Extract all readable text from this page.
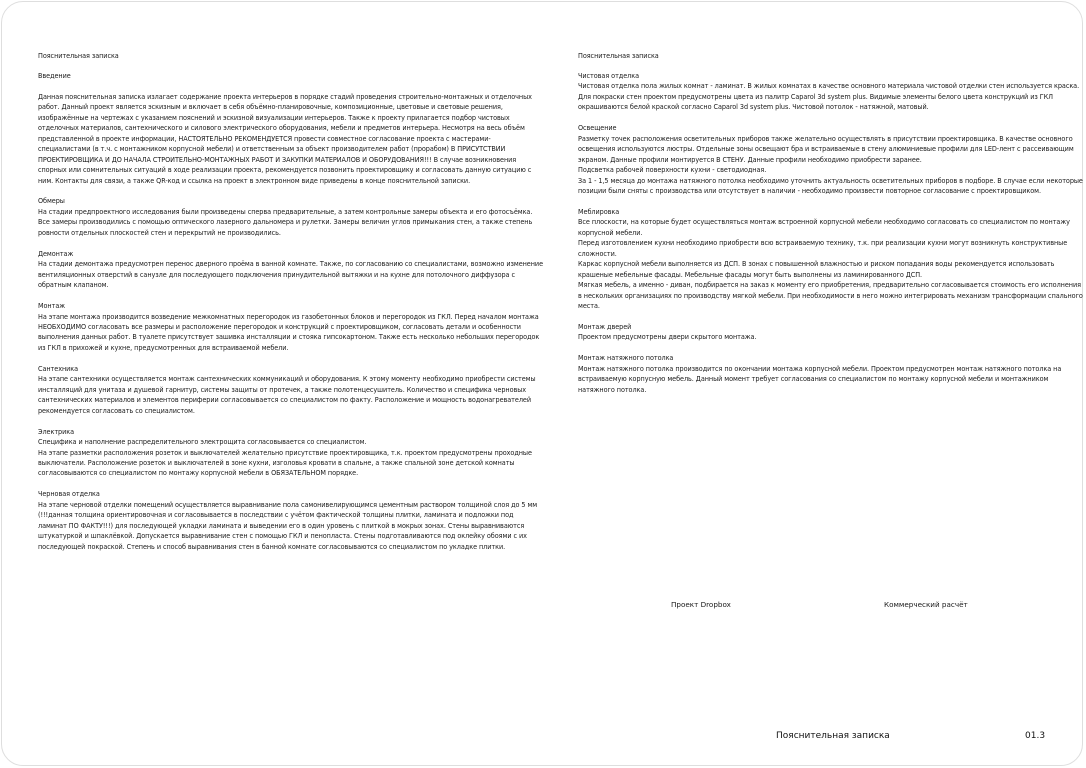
Пояснительная записка
Введение

Данная пояснительная записка излагает содержание проекта интерьеров в порядке стадий проведения строительно-монтажных и отделочных работ. Данный проект является эскизным и включает в себя объёмно-планировочные, композиционные, цветовые и световые решения, изображённые на чертежах с указанием пояснений и эскизной визуализации интерьеров. Также к проекту прилагается подбор чистовых отделочных материалов, сантехнического и силового электрического оборудования, мебели и предметов интерьера. Несмотря на весь объём представленной в проекте информации, НАСТОЯТЕЛЬНО РЕКОМЕНДУЕТСЯ провести совместное согласование проекта с мастерами-специалистами (в т.ч. с монтажником корпусной мебели) и ответственным за объект производителем работ (прорабом) В ПРИСУТСТВИИ ПРОЕКТИРОВЩИКА И ДО НАЧАЛА СТРОИТЕЛЬНО-МОНТАЖНЫХ РАБОТ И ЗАКУПКИ МАТЕРИАЛОВ И ОБОРУДОВАНИЯ!!! В случае возникновения спорных или сомнительных ситуаций в ходе реализации проекта, рекомендуется позвонить проектировщику и согласовать данную ситуацию с ним. Контакты для связи, а также QR-код и ссылка на проект в электронном виде приведены в конце пояснительной записки.

Обмеры

На стадии предпроектного исследования были произведены сперва предварительные, а затем контрольные замеры объекта и его фотосъёмка. Все замеры производились с помощью оптического лазерного дальномера и рулетки. Замеры величин углов примыкания стен, а также степень ровности отдельных плоскостей стен и перекрытий не производились.

Демонтаж

На стадии демонтажа предусмотрен перенос дверного проёма в ванной комнате. Также, по согласованию со специалистами, возможно изменение вентиляционных отверстий в санузле для последующего подключения принудительной вытяжки и на кухне для потолочного диффузора с обратным клапаном.

Монтаж

На этапе монтажа производится возведение межкомнатных перегородок из газобетонных блоков и перегородок из ГКЛ. Перед началом монтажа НЕОБХОДИМО согласовать все размеры и расположение перегородок и конструкций с проектировщиком, согласовать детали и особенности выполнения данных работ. В туалете присутствует зашивка инсталляции и стояка гипсокартоном. Также есть несколько небольших перегородок из ГКЛ в прихожей и кухне, предусмотренных для встраиваемой мебели.

Сантехника

На этапе сантехники осуществляется монтаж сантехнических коммуникаций и оборудования. К этому моменту необходимо приобрести системы инсталляций для унитаза и душевой гарнитур, системы защиты от протечек, а также полотенцесушитель. Количество и специфика черновых сантехнических материалов и элементов периферии согласовывается со специалистом по факту. Расположение и мощность водонагревателей рекомендуется согласовать со специалистом.

Электрика

Специфика и наполнение распределительного электрощита согласовывается со специалистом.

На этапе разметки расположения розеток и выключателей желательно присутствие проектировщика, т.к. проектом предусмотрены проходные выключатели. Расположение розеток и выключателей в зоне кухни, изголовья кровати в спальне, а также спальной зоне детской комнаты согласовываются со специалистом по монтажу корпусной мебели в ОБЯЗАТЕЛЬНОМ порядке.

Черновая отделка

На этапе черновой отделки помещений осуществляется выравнивание пола самонивелирующимся цементным раствором толщиной слоя до 5 мм (!!!данная толщина ориентировочная и согласовывается в последствии с учётом фактической толщины плитки, ламината и подложки под ламинат ПО ФАКТУ!!!) для последующей укладки ламината и выведении его в один уровень с плиткой в мокрых зонах. Стены выравниваются штукатуркой и шпаклёвкой. Допускается выравнивание стен с помощью ГКЛ и пенопласта. Стены подготавливаются под оклейку обоями с их последующей покраской. Степень и способ выравнивания стен в банной комнате согласовываются со специалистом по укладке плитки.

Пояснительная записка
Чистовая отделка

Чистовая отделка пола жилых комнат - ламинат. В жилых комнатах в качестве основного материала чистовой отделки стен используется краска. Для покраски стен проектом предусмотрены цвета из палитр Caparol 3d system plus. Видимые элементы белого цвета конструкций из ГКЛ окрашиваются белой краской согласно Caparol 3d system plus. Чистовой потолок - натяжной, матовый.

Освещение

Разметку точек расположения осветительных приборов также желательно осуществлять в присутствии проектировщика. В качестве основного освещения используются люстры. Отдельные зоны освещают бра и встраиваемые в стену алюминиевые профили для LED-лент с рассеивающим экраном. Данные профили монтируется В СТЕНУ. Данные профили необходимо приобрести заранее.

Подсветка рабочей поверхности кухни - светодиодная.

За 1 - 1,5 месяца до монтажа натяжного потолка необходимо уточнить актуальность осветительных приборов в подборе. В случае если некоторые позиции были сняты с производства или отсутствует в наличии - необходимо произвести повторное согласование с проектировщиком.

Меблировка

Все плоскости, на которые будет осуществляться монтаж встроенной корпусной мебели необходимо согласовать со специалистом по монтажу корпусной мебели.

Перед изготовлением кухни необходимо приобрести всю встраиваемую технику, т.к. при реализации кухни могут возникнуть конструктивные сложности.

Каркас корпусной мебели выполняется из ДСП. В зонах с повышенной влажностью и риском попадания воды рекомендуется использовать крашеные мебельные фасады. Мебельные фасады могут быть выполнены из ламинированного ДСП.

Мягкая мебель, а именно - диван, подбирается на заказ к моменту его приобретения, предварительно согласовывается стоимость его исполнения в нескольких организациях по производству мягкой мебели. При необходимости в него можно интегрировать механизм трансформации спального места.

Монтаж дверей

Проектом предусмотрены двери скрытого монтажа.

Монтаж натяжного потолка

Монтаж натяжного потолка производится по окончании монтажа корпусной мебели. Проектом предусмотрен монтаж натяжного потолка на встраиваемую корпусную мебель. Данный момент требует согласования со специалистом по монтажу корпусной мебели и монтажником натяжного потолка.

Проект Dropbox	Коммерческий расчёт
Пояснительная записка	01.3
